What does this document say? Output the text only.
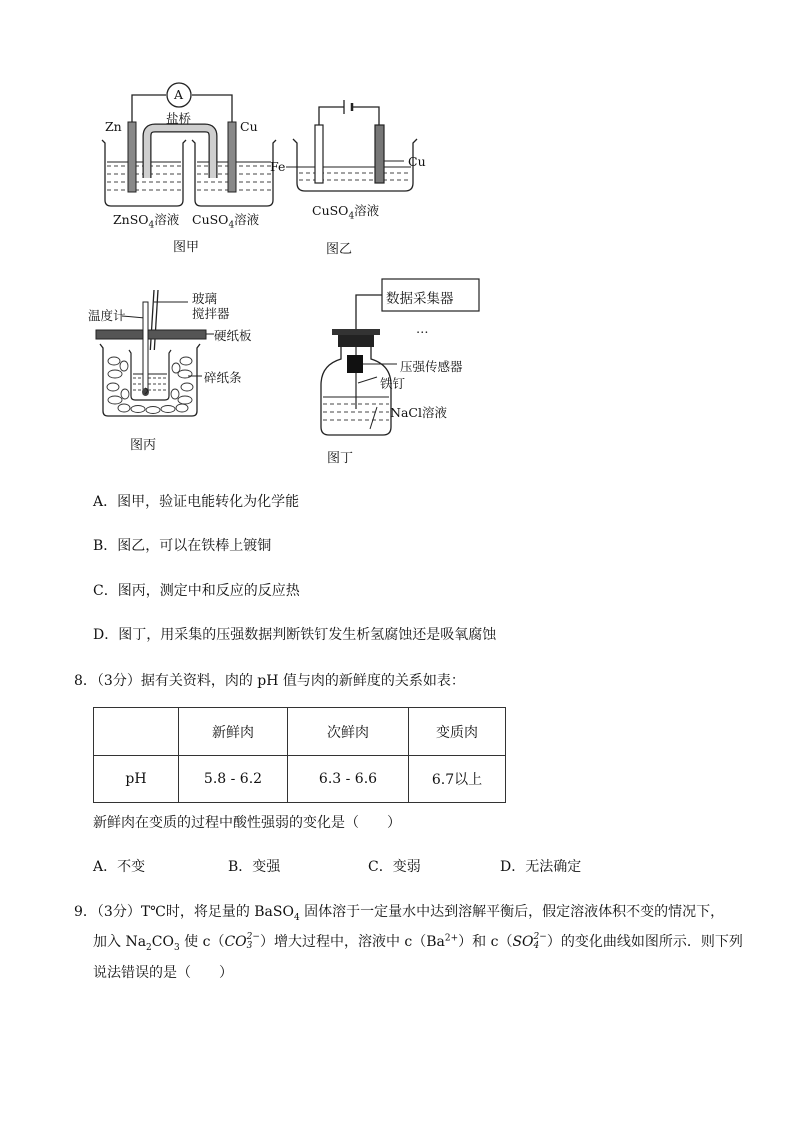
A
盐桥
Zn	Cu
ZnSO$_4$溶液 CuSO$_4$溶液
图甲
Fe	Cu
CuSO$_4$溶液
图乙
温度计
玻璃
搅拌器
硬纸板
碎纸条
图丙
数据采集器
…
压强传感器
铁钉
NaCl溶液
图丁
A．图甲，验证电能转化为化学能
B．图乙，可以在铁棒上镀铜
C．图丙，测定中和反应的反应热
D．图丁，用采集的压强数据判断铁钉发生析氢腐蚀还是吸氧腐蚀
8．（3分）据有关资料，肉的 pH 值与肉的新鲜度的关系如表：
	新鲜肉	次鲜肉	变质肉
pH	5.8 - 6.2	6.3 - 6.6	6.7以上
新鲜肉在变质的过程中酸性强弱的变化是（　　）
A．不变	B．变强	C．变弱	D．无法确定
9．（3分）T℃时，将足量的 BaSO$_4$ 固体溶于一定量水中达到溶解平衡后，假定溶液体积不变的情况下，
加入 $Na_2CO_3$ 使 c（CO 2−
3 ）增大过程中，溶液中 $c(Ba^{2+})$和 c（SO 2−
4 ）的变化曲线如图所示．则下列
说法错误的是（　　）
